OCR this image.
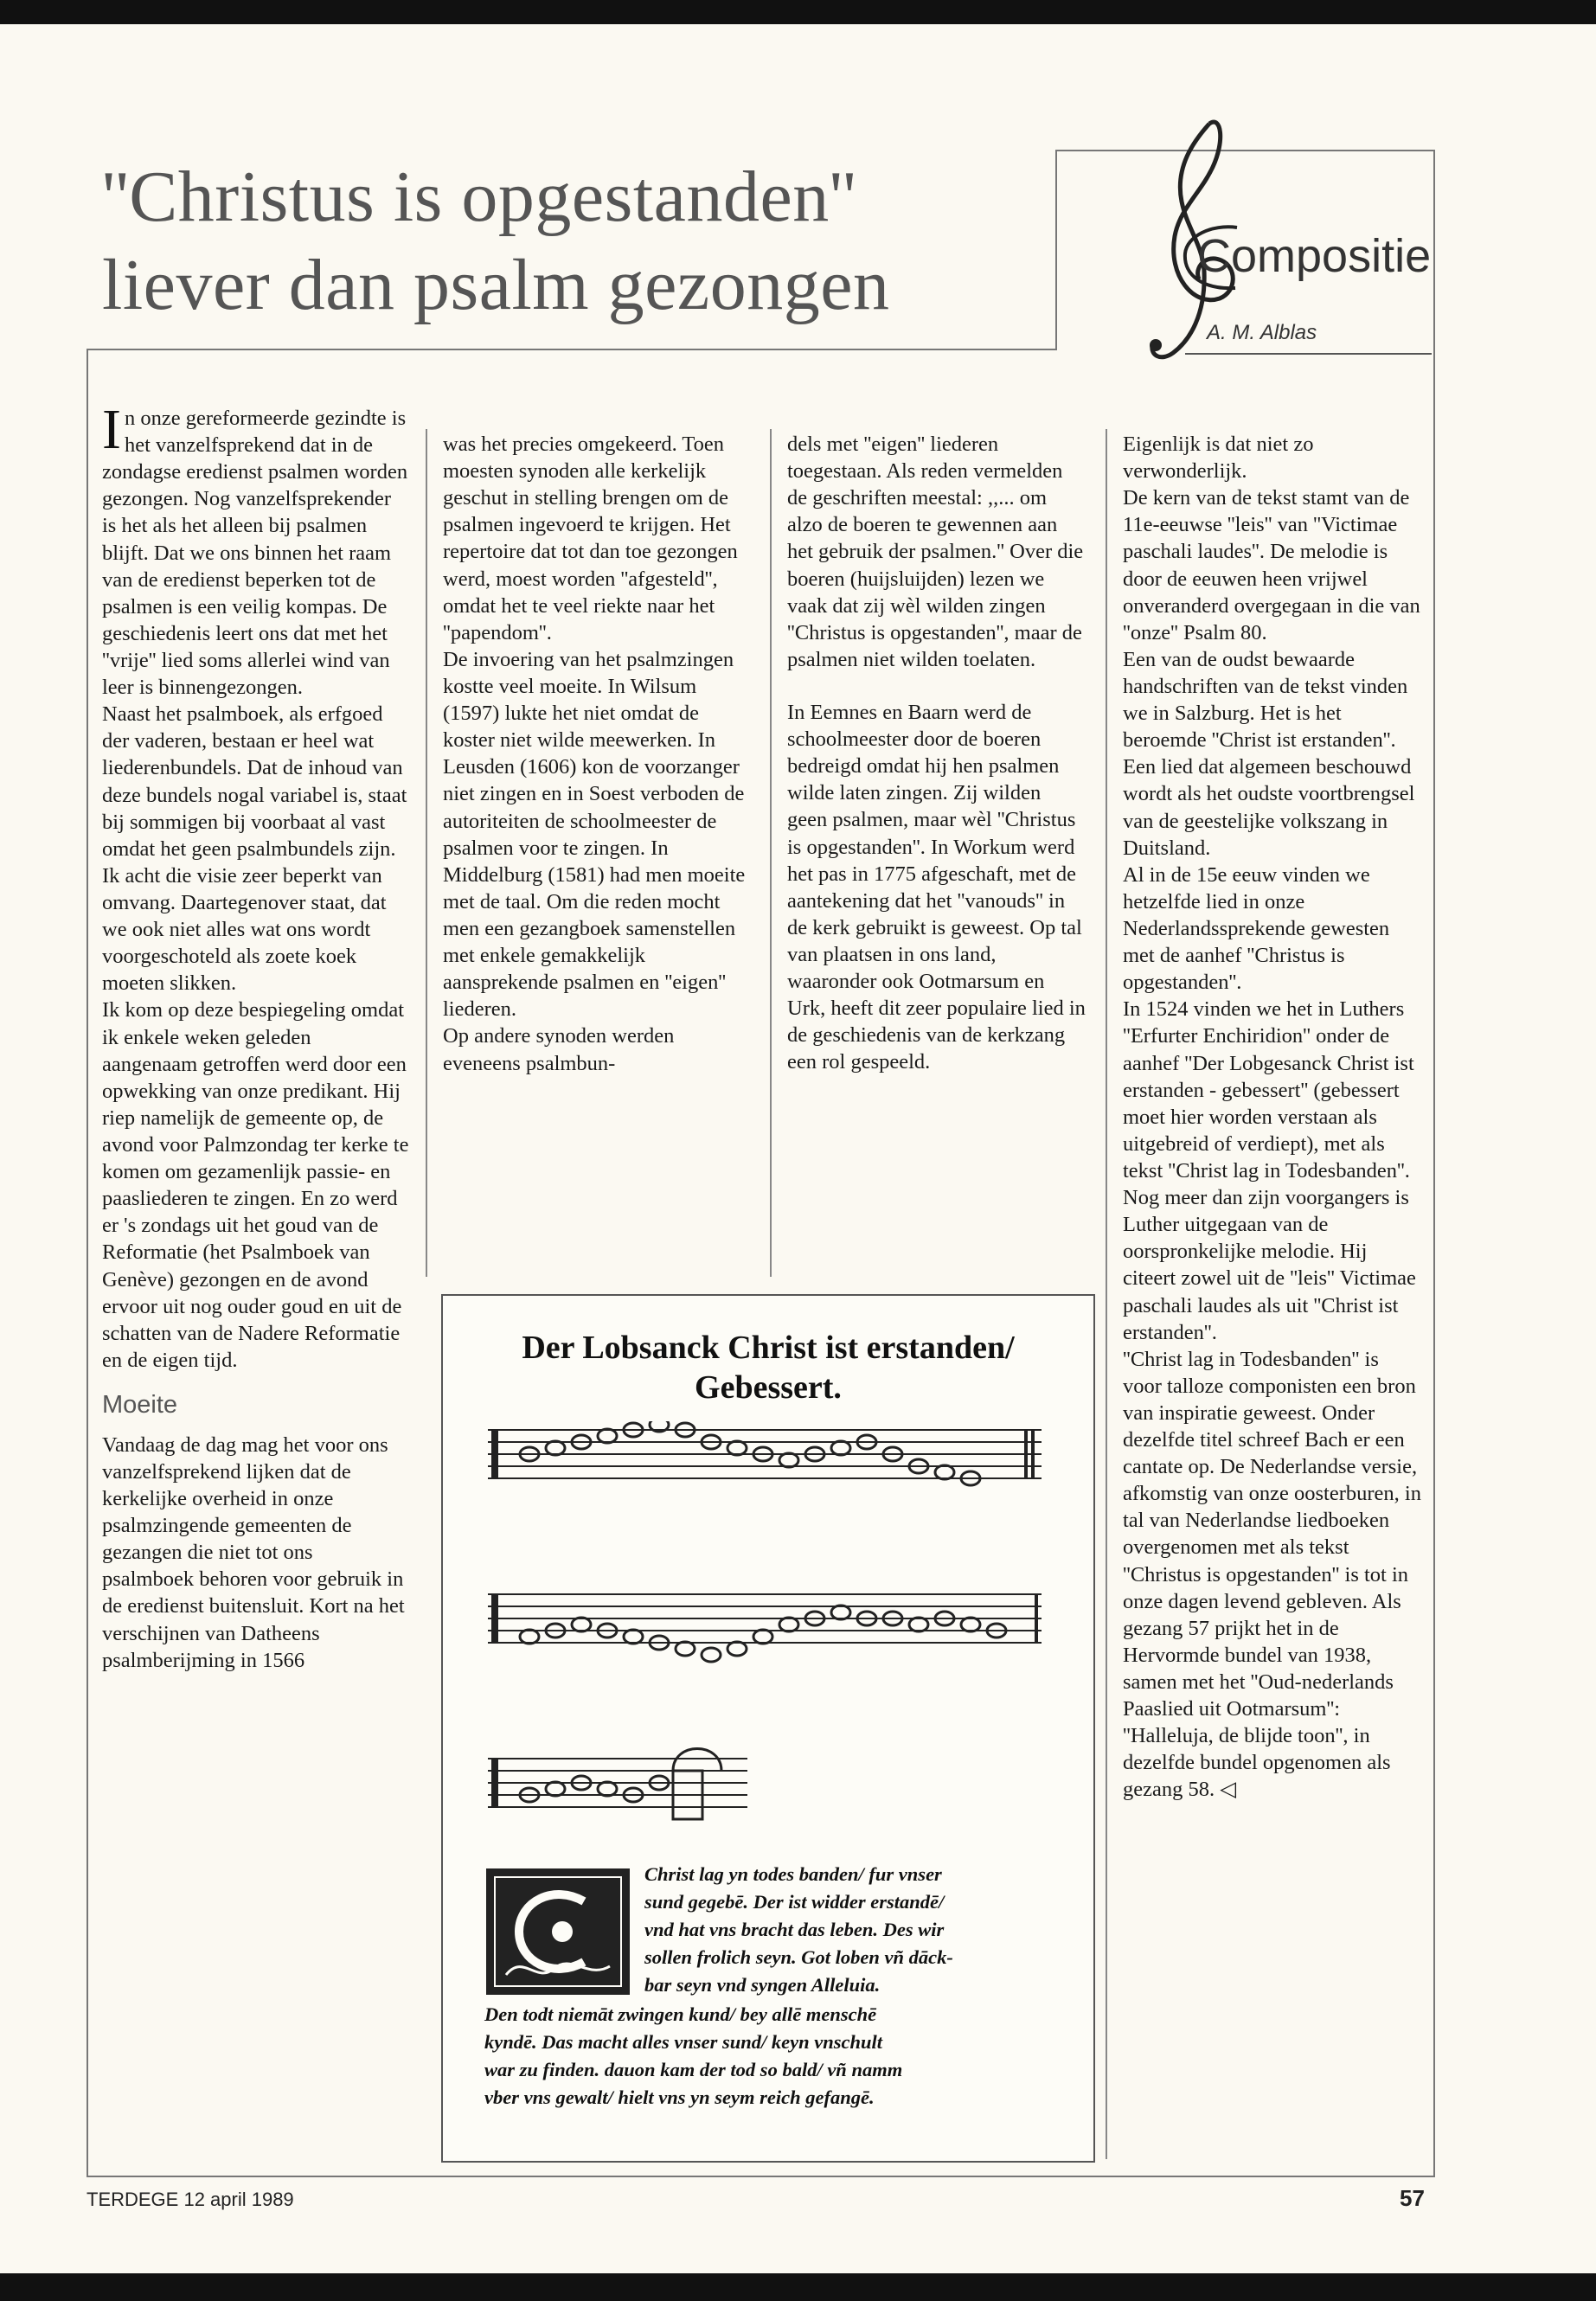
''Christus is opgestanden''
liever dan psalm gezongen	Compositie
A. M. Alblas

In onze gereformeerde gezindte is het vanzelfsprekend dat in de zondagse eredienst psalmen worden gezongen. Nog vanzelfsprekender is het als het alleen bij psalmen blijft. Dat we ons binnen het raam van de eredienst beperken tot de psalmen is een veilig kompas. De geschiedenis leert ons dat met het ''vrije'' lied soms allerlei wind van leer is binnengezongen.

Naast het psalmboek, als erfgoed der vaderen, bestaan er heel wat liederenbundels. Dat de inhoud van deze bundels nogal variabel is, staat bij sommigen bij voorbaat al vast omdat het geen psalmbundels zijn. Ik acht die visie zeer beperkt van omvang. Daartegenover staat, dat we ook niet alles wat ons wordt voorgeschoteld als zoete koek moeten slikken.

Ik kom op deze bespiegeling omdat ik enkele weken geleden aangenaam getroffen werd door een opwekking van onze predikant. Hij riep namelijk de gemeente op, de avond voor Palmzondag ter kerke te komen om gezamenlijk passie- en paasliederen te zingen. En zo werd er 's zondags uit het goud van de Reformatie (het Psalmboek van Genève) gezongen en de avond ervoor uit nog ouder goud en uit de schatten van de Nadere Reformatie en de eigen tijd.

Moeite

Vandaag de dag mag het voor ons vanzelfsprekend lijken dat de kerkelijke overheid in onze psalmzingende gemeenten de gezangen die niet tot ons psalmboek behoren voor gebruik in de eredienst buitensluit. Kort na het verschijnen van Datheens psalmberijming in 1566

was het precies omgekeerd. Toen moesten synoden alle kerkelijk geschut in stelling brengen om de psalmen ingevoerd te krijgen. Het repertoire dat tot dan toe gezongen werd, moest worden ''afgesteld'', omdat het te veel riekte naar het ''papendom''.

De invoering van het psalmzingen kostte veel moeite. In Wilsum (1597) lukte het niet omdat de koster niet wilde meewerken. In Leusden (1606) kon de voorzanger niet zingen en in Soest verboden de autoriteiten de schoolmeester de psalmen voor te zingen. In Middelburg (1581) had men moeite met de taal. Om die reden mocht men een gezangboek samenstellen met enkele gemakkelijk aansprekende psalmen en ''eigen'' liederen.

Op andere synoden werden eveneens psalmbun-

dels met ''eigen'' liederen toegestaan. Als reden vermelden de geschriften meestal: ,,... om alzo de boeren te gewennen aan het gebruik der psalmen.'' Over die boeren (huijsluijden) lezen we vaak dat zij wèl wilden zingen ''Christus is opgestanden'', maar de psalmen niet wilden toelaten.

In Eemnes en Baarn werd de schoolmeester door de boeren bedreigd omdat hij hen psalmen wilde laten zingen. Zij wilden geen psalmen, maar wèl ''Christus is opgestanden''. In Workum werd het pas in 1775 afgeschaft, met de aantekening dat het ''vanouds'' in de kerk gebruikt is geweest. Op tal van plaatsen in ons land, waaronder ook Ootmarsum en Urk, heeft dit zeer populaire lied in de geschiedenis van de kerkzang een rol gespeeld.

Eigenlijk is dat niet zo verwonderlijk.

De kern van de tekst stamt van de 11e-eeuwse ''leis'' van ''Victimae paschali laudes''. De melodie is door de eeuwen heen vrijwel onveranderd overgegaan in die van ''onze'' Psalm 80.

Een van de oudst bewaarde handschriften van de tekst vinden we in Salzburg. Het is het beroemde ''Christ ist erstanden''. Een lied dat algemeen beschouwd wordt als het oudste voortbrengsel van de geestelijke volkszang in Duitsland.

Al in de 15e eeuw vinden we hetzelfde lied in onze Nederlandssprekende gewesten met de aanhef ''Christus is opgestanden''.

In 1524 vinden we het in Luthers ''Erfurter Enchiridion'' onder de aanhef ''Der Lobgesanck Christ ist erstanden - gebessert'' (gebessert moet hier worden verstaan als uitgebreid of verdiept), met als tekst ''Christ lag in Todesbanden''. Nog meer dan zijn voorgangers is Luther uitgegaan van de oorspronkelijke melodie. Hij citeert zowel uit de ''leis'' Victimae paschali laudes als uit ''Christ ist erstanden''.

''Christ lag in Todesbanden'' is voor talloze componisten een bron van inspiratie geweest. Onder dezelfde titel schreef Bach er een cantate op. De Nederlandse versie, afkomstig van onze oosterburen, in tal van Nederlandse liedboeken overgenomen met als tekst ''Christus is opgestanden'' is tot in onze dagen levend gebleven. Als gezang 57 prijkt het in de Hervormde bundel van 1938, samen met het ''Oud-nederlands Paaslied uit Ootmarsum'': ''Halleluja, de blijde toon'', in dezelfde bundel opgenomen als gezang 58. ◁

Der Lobsanck Christ ist erstanden/
Gebessert.
Christ lag yn todes banden/ fur vnser
sund gegebē. Der ist widder erstandē/
vnd hat vns bracht das leben. Des wir
sollen frolich seyn. Got loben vñ dāck-
bar seyn vnd syngen Alleluia.
Den todt niemāt zwingen kund/ bey allē menschē
kyndē. Das macht alles vnser sund/ keyn vnschult
war zu finden. dauon kam der tod so bald/ vñ namm
vber vns gewalt/ hielt vns yn seym reich gefangē.
TERDEGE 12 april 1989	57
